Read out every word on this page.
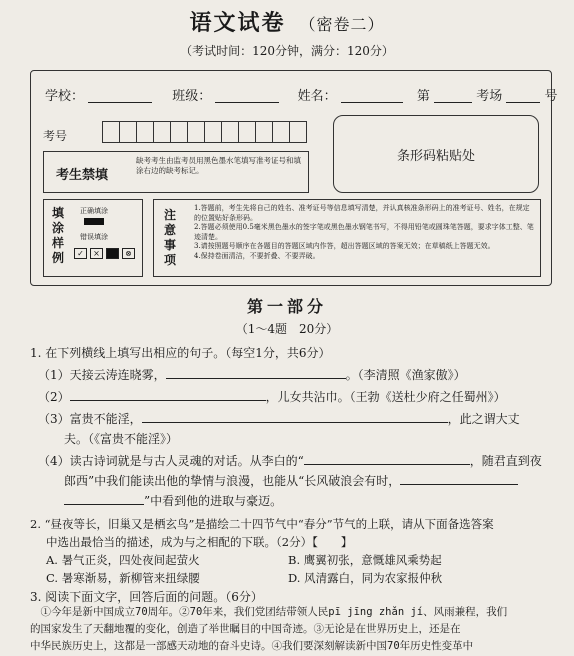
语文试卷 （密卷二）
（考试时间：120分钟，满分：120分）
学校：	班级：	姓名：	第	考场	号
考号
考生禁填
缺考考生由监考员用黑色墨水笔填写准考证号和填涂右边的缺考标记。
条形码粘贴处
填涂样例
正确填涂
错误填涂
✓	×	⊗
注意事项
1.答题前，考生先将自己的姓名、准考证号等信息填写清楚，并认真核准条形码上的准考证号、姓名，在规定的位置贴好条形码。
2.答题必须使用0.5毫米黑色墨水的签字笔或黑色墨水钢笔书写，不得用铅笔或圆珠笔答题，要求字体工整、笔迹清楚。
3.请按照题号顺序在各题目的答题区域内作答，超出答题区域的答案无效；在草稿纸上答题无效。
4.保持卷面清洁，不要折叠、不要弄破。
第一部分
（1～4题　20分）
1. 在下列横线上填写出相应的句子。（每空1分，共6分）
（1）天接云涛连晓雾，	。（李清照《渔家傲》）
（2）	，儿女共沾巾。（王勃《送杜少府之任蜀州》）
（3）富贵不能淫，	，此之谓大丈
夫。（《富贵不能淫》）
（4）读古诗词就是与古人灵魂的对话。从李白的“	，随君直到夜
郎西”中我们能读出他的挚情与浪漫，也能从“长风破浪会有时，
”中看到他的进取与豪迈。
2. “昼夜等长，旧巢又是栖玄鸟”是描绘二十四节气中“春分”节气的上联，请从下面备选答案
中选出最恰当的描述，成为与之相配的下联。（2分）【　　】
A. 暑气正炎，四处夜间起萤火	B. 鹰翼初张，意慨雄风乘势起
C. 暑寒渐易，新柳管来扭绿腰	D. 风清露白，同为农家报仲秋
3. 阅读下面文字，回答后面的问题。（6分）
　①今年是新中国成立70周年。②70年来，我们党团结带领人民pī jīng zhǎn jí、风雨兼程，我们
的国家发生了天翻地覆的变化，创造了举世瞩目的中国奇迹。③无论是在世界历史上，还是在
中华民族历史上，这都是一部感天动地的奋斗史诗。④我们要深刻解读新中国70年历史性变革中
